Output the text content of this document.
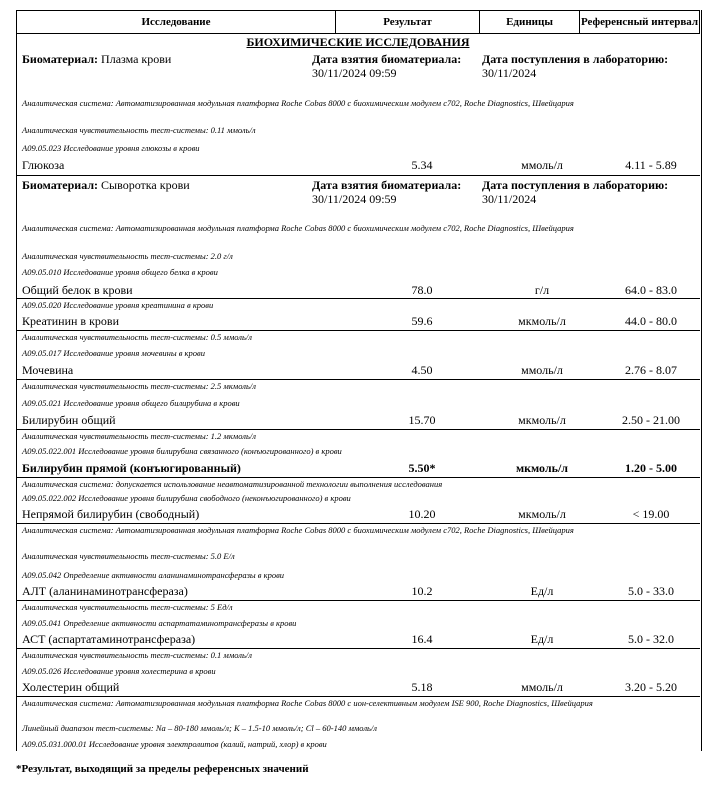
Исследование	Результат	Единицы	Референсный интервал
БИОХИМИЧЕСКИЕ ИССЛЕДОВАНИЯ
Биоматериал: Плазма крови	Дата взятия биоматериала:
30/11/2024 09:59
Дата поступления в лабораторию:
30/11/2024
Аналитическая система: Автоматизированная модульная платформа Roche Cobas 8000 с биохимическим модулем с702, Roche Diagnostics, Швейцария
Аналитическая чувствительность тест-системы: 0.11 ммоль/л
A09.05.023 Исследование уровня глюкозы в крови
Глюкоза	5.34	ммоль/л	4.11 - 5.89
Биоматериал: Сыворотка крови	Дата взятия биоматериала:
30/11/2024 09:59
Дата поступления в лабораторию:
30/11/2024
Аналитическая система: Автоматизированная модульная платформа Roche Cobas 8000 с биохимическим модулем с702, Roche Diagnostics, Швейцария
Аналитическая чувствительность тест-системы: 2.0 г/л
A09.05.010 Исследование уровня общего белка в крови
Общий белок в крови	78.0	г/л	64.0 - 83.0
A09.05.020 Исследование уровня креатинина в крови
Креатинин в крови	59.6	мкмоль/л	44.0 - 80.0
Аналитическая чувствительность тест-системы: 0.5 ммоль/л
A09.05.017 Исследование уровня мочевины в крови
Мочевина	4.50	ммоль/л	2.76 - 8.07
Аналитическая чувствительность тест-системы: 2.5 мкмоль/л
A09.05.021 Исследование уровня общего билирубина в крови
Билирубин общий	15.70	мкмоль/л	2.50 - 21.00
Аналитическая чувствительность тест-системы: 1.2 мкмоль/л
A09.05.022.001 Исследование уровня билирубина связанного (конъюгированного) в крови
Билирубин прямой (конъюгированный)	5.50*	мкмоль/л	1.20 - 5.00
Аналитическая система: допускается использование неавтоматизированной технологии выполнения исследования
A09.05.022.002 Исследование уровня билирубина свободного (неконъюгированного) в крови
Непрямой билирубин (свободный)	10.20	мкмоль/л	< 19.00
Аналитическая система: Автоматизированная модульная платформа Roche Cobas 8000 с биохимическим модулем с702, Roche Diagnostics, Швейцария
Аналитическая чувствительность тест-системы: 5.0 Е/л
A09.05.042 Определение активности аланинаминотрансферазы в крови
АЛТ (аланинаминотрансфераза)	10.2	Ед/л	5.0 - 33.0
Аналитическая чувствительность тест-системы: 5 Ед/л
A09.05.041 Определение активности аспартатаминотрансферазы в крови
АСТ (аспартатаминотрансфераза)	16.4	Ед/л	5.0 - 32.0
Аналитическая чувствительность тест-системы: 0.1 ммоль/л
A09.05.026 Исследование уровня холестерина в крови
Холестерин общий	5.18	ммоль/л	3.20 - 5.20
Аналитическая система: Автоматизированная модульная платформа Roche Cobas 8000 с ион-селективным модулем ISE 900, Roche Diagnostics, Швейцария
Линейный диапазон тест-системы: Na – 80-180 ммоль/л; K – 1.5-10 ммоль/л; Cl – 60-140 ммоль/л
A09.05.031.000.01 Исследование уровня электролитов (калий, натрий, хлор) в крови
*Результат, выходящий за пределы референсных значений
